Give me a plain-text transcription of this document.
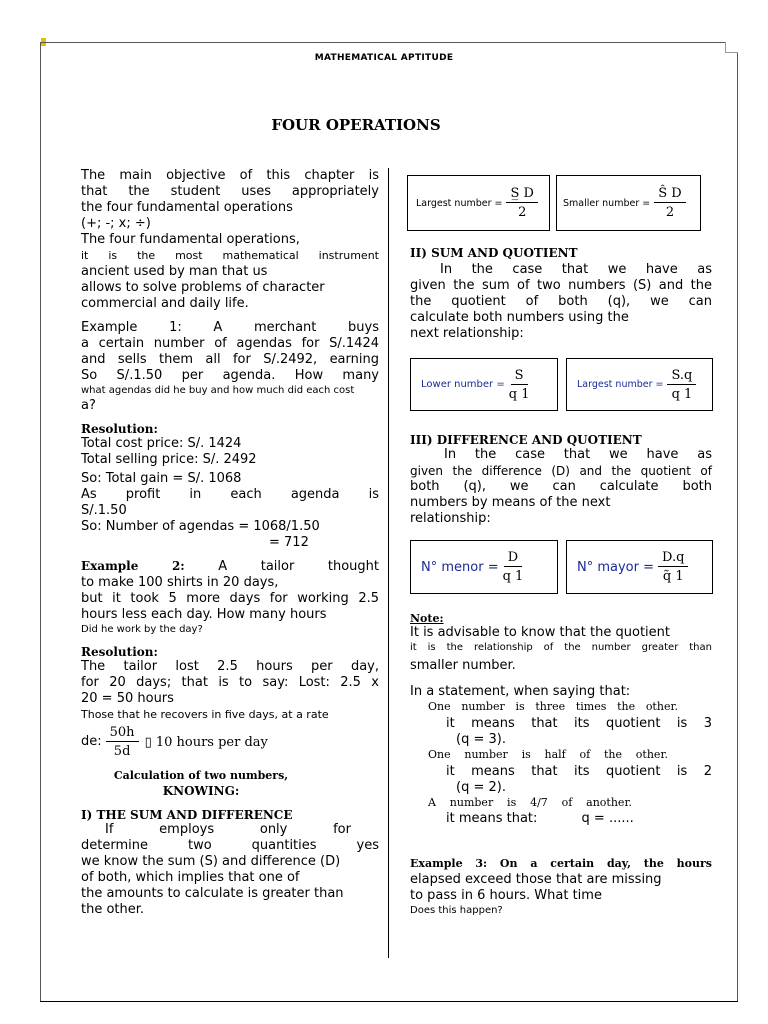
MATHEMATICAL APTITUDE
FOUR OPERATIONS
The main objective of this chapter is
that the student uses appropriately
the four fundamental operations
(+; -; x; ÷)
The four fundamental operations,
it is the most mathematical instrument
ancient used by man that us
allows to solve problems of character
commercial and daily life.
Example 1: A merchant buys
a certain number of agendas for S/.1424
and sells them all for S/.2492, earning
So S/.1.50 per agenda. How many
what agendas did he buy and how much did each cost
a?
Resolution:
Total cost price: S/. 1424
Total selling price: S/. 2492
So: Total gain = S/. 1068
As profit in each agenda is
S/.1.50
So: Number of agendas = 1068/1.50
= 712
Example 2:	A tailor thought
to make 100 shirts in 20 days,
but it took 5 more days for working 2.5
hours less each day. How many hours
Did he work by the day?
Resolution:
The tailor lost 2.5 hours per day,
for 20 days; that is to say: Lost: 2.5 x
20 = 50 hours
Those that he recovers in five days, at a rate
de: $\frac{50h}{5d}$ ▯ 10 hours per day
Calculation of two numbers,
KNOWING:
I) THE SUM AND DIFFERENCE
If employs only for
determine two quantities yes
we know the sum (S) and difference (D)
of both, which implies that one of
the amounts to calculate is greater than
the other.
Largest number = $\frac{S̲ D}{2}$	Smaller number = $\frac{\text{Ŝ D}}{2}$
II) SUM AND QUOTIENT
In the case that we have as
given the sum of two numbers (S) and the
the quotient of both (q), we can
calculate both numbers using the
next relationship:
Lower number = $\frac{S}{q 1}$	Largest number = $\frac{S.q}{q 1}$
III) DIFFERENCE AND QUOTIENT
In the case that we have as
given the difference (D) and the quotient of
both (q), we can calculate both
numbers by means of the next
relationship:
N° menor = $\frac{D}{q 1}$	N° mayor = $\frac{D.q}{q̃ 1}$
Note:
It is advisable to know that the quotient
it is the relationship of the number greater than
smaller number.
In a statement, when saying that:
One number is three times the other.
it means that its quotient is 3
(q = 3).
One number is half of the other.
it means that its quotient is 2
(q = 2).
A number is 4/7 of another.
it means that:	q = ......
Example 3: On a certain day, the hours
elapsed exceed those that are missing
to pass in 6 hours. What time
Does this happen?
